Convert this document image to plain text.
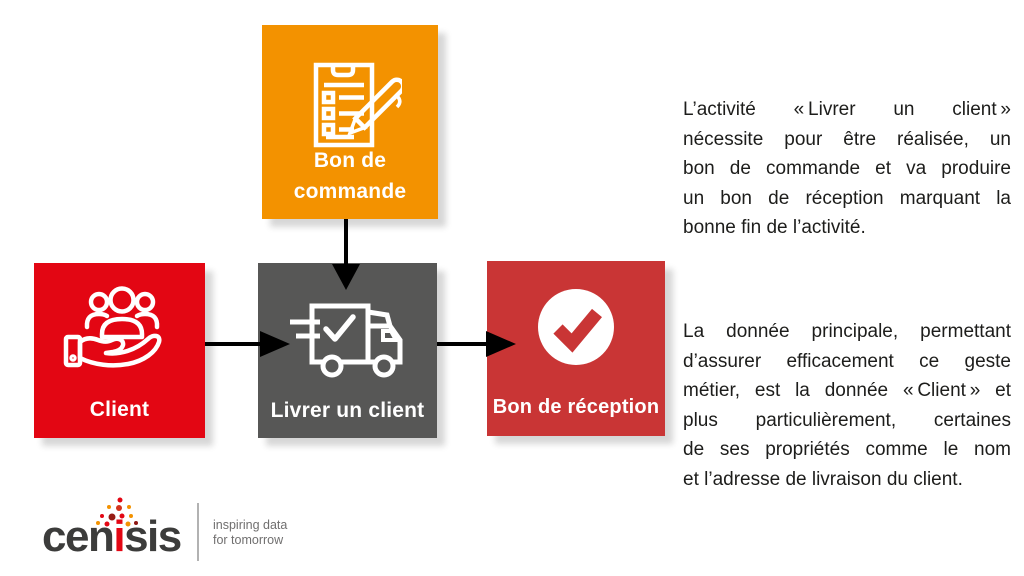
Bon de
commande
Client	Livrer un client	Bon de réception
L’activité « Livrer un client »
nécessite pour être réalisée, un
bon de commande et va produire
un bon de réception marquant la
bonne fin de l’activité.
La donnée principale, permettant
d’assurer efficacement ce geste
métier, est la donnée « Client » et
plus particulièrement, certaines
de ses propriétés comme le nom
et l’adresse de livraison du client.
cenisis	inspiring data
for tomorrow
